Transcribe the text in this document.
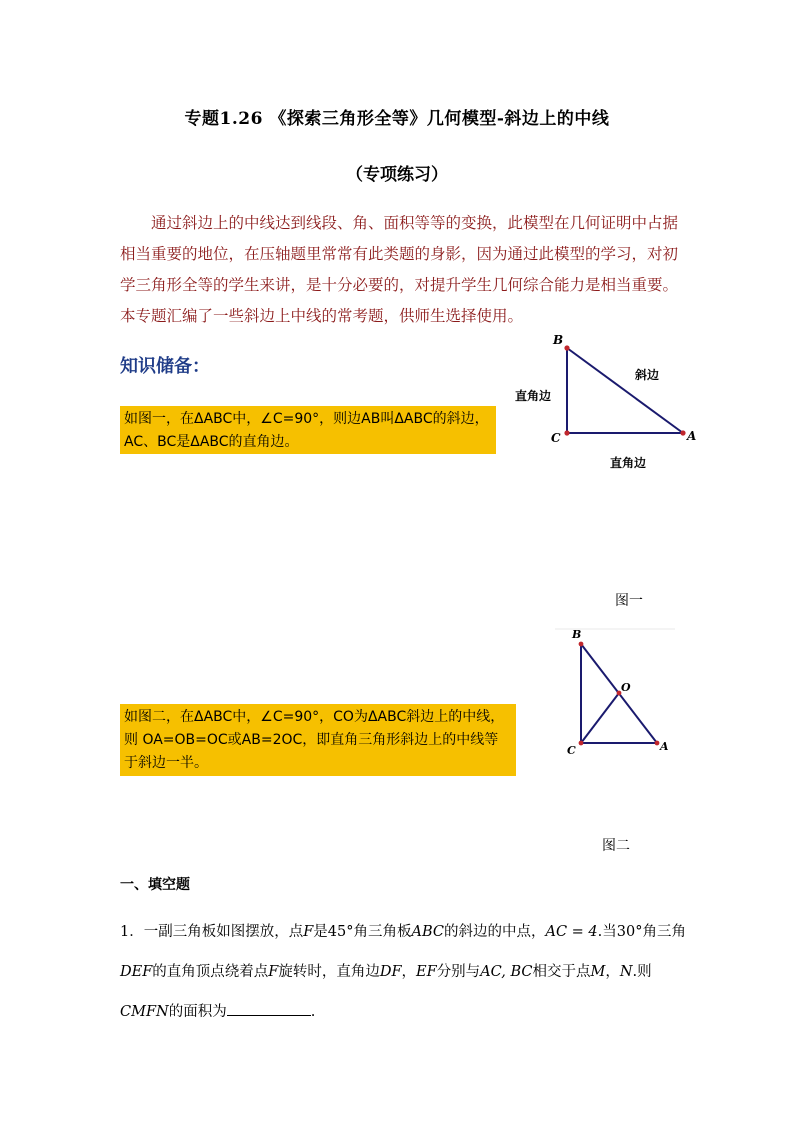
专题1.26 《探索三角形全等》几何模型-斜边上的中线
（专项练习）
通过斜边上的中线达到线段、角、面积等等的变换，此模型在几何证明中占据相当重要的地位，在压轴题里常常有此类题的身影，因为通过此模型的学习，对初学三角形全等的学生来讲，是十分必要的，对提升学生几何综合能力是相当重要。本专题汇编了一些斜边上中线的常考题，供师生选择使用。
知识储备：
如图一，在ΔABC中，∠C=90°，则边AB叫ΔABC的斜边，AC、BC是ΔABC的直角边。
B
C	A
斜边
直角边
直角边
图一
B
C	A
O
如图二，在ΔABC中，∠C=90°，CO为ΔABC斜边上的中线，则 OA=OB=OC或AB=2OC，即直角三角形斜边上的中线等于斜边一半。
图二
一、填空题
1．一副三角板如图摆放，点F是45°角三角板ABC的斜边的中点，AC = 4.当30°角三角DEF的直角顶点绕着点F旋转时，直角边DF，EF分别与AC, BC相交于点M，N.则CMFN的面积为	.
